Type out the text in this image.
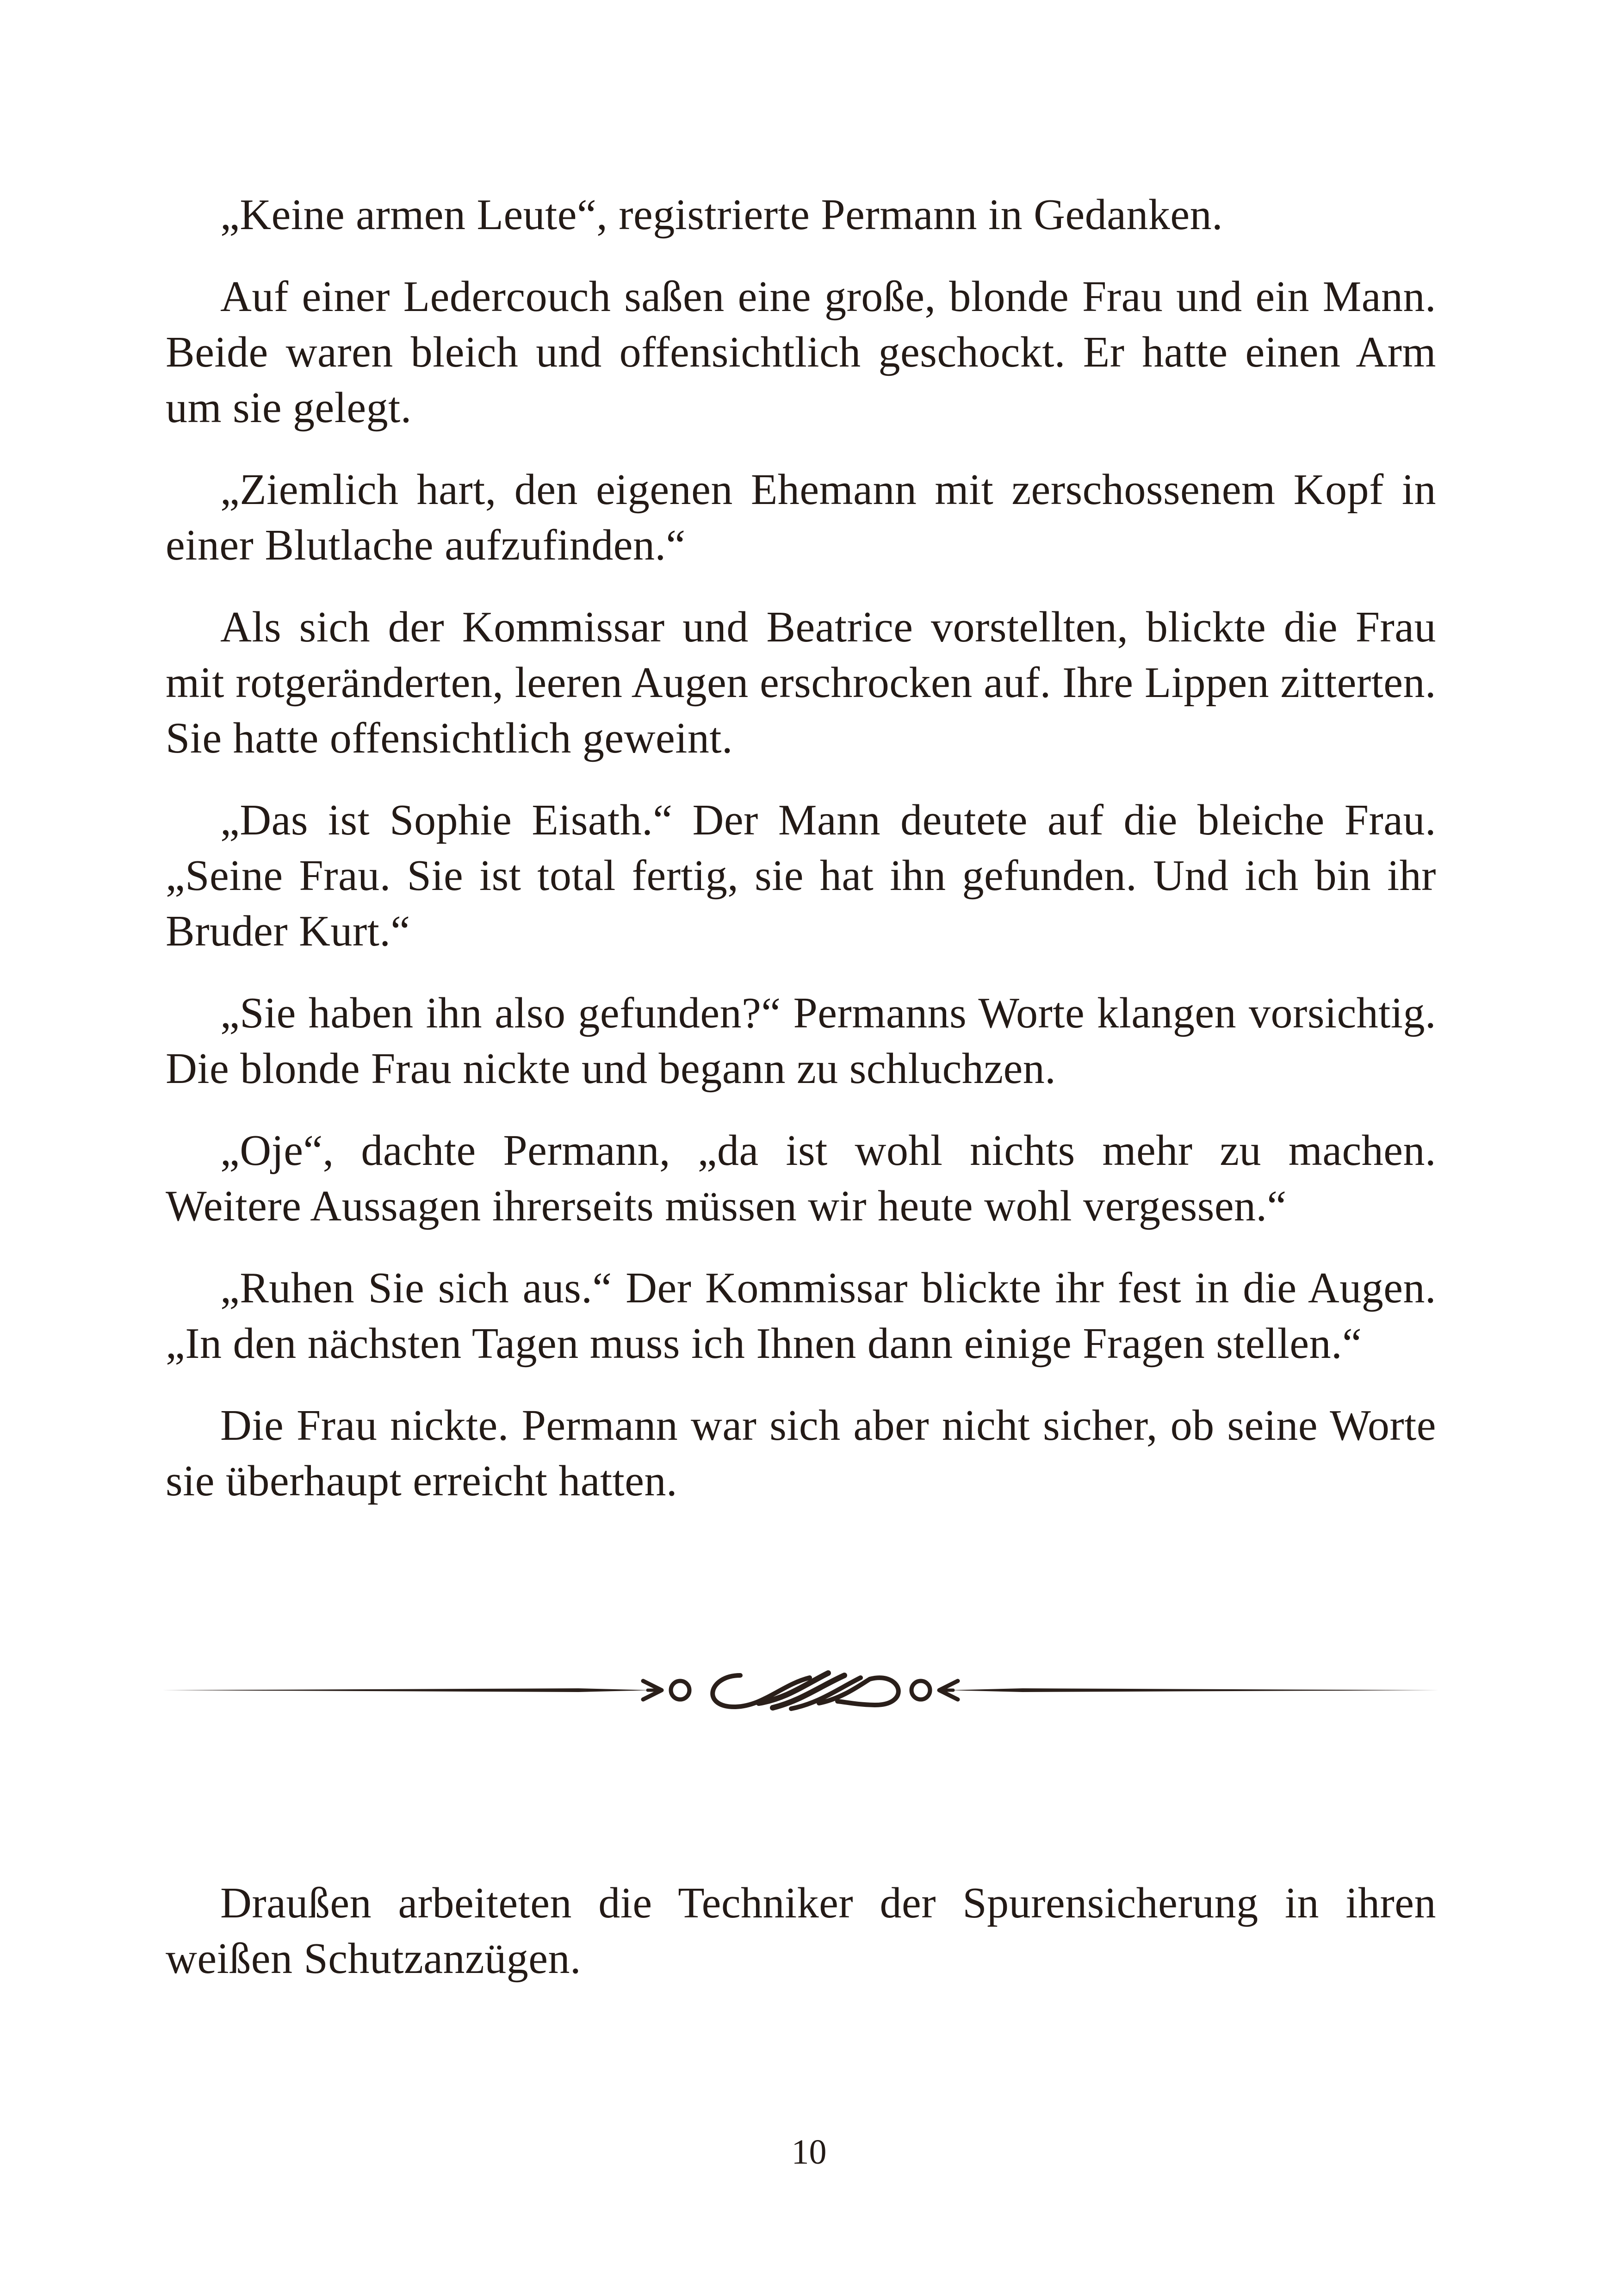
„Keine armen Leute“, registrierte Permann in Gedanken.

Auf einer Ledercouch saßen eine große, blonde Frau und ein Mann. Beide waren bleich und offensichtlich geschockt. Er hatte einen Arm um sie gelegt.

„Ziemlich hart, den eigenen Ehemann mit zerschossenem Kopf in einer Blutlache aufzufinden.“

Als sich der Kommissar und Beatrice vorstellten, blickte die Frau mit rotgeränderten, leeren Augen erschrocken auf. Ihre Lippen zitterten. Sie hatte offensichtlich geweint.

„Das ist Sophie Eisath.“ Der Mann deutete auf die bleiche Frau. „Seine Frau. Sie ist total fertig, sie hat ihn gefunden. Und ich bin ihr Bruder Kurt.“

„Sie haben ihn also gefunden?“ Permanns Worte klangen vorsichtig. Die blonde Frau nickte und begann zu schluchzen.

„Oje“, dachte Permann, „da ist wohl nichts mehr zu machen. Weitere Aussagen ihrerseits müssen wir heute wohl vergessen.“

„Ruhen Sie sich aus.“ Der Kommissar blickte ihr fest in die Augen. „In den nächsten Tagen muss ich Ihnen dann einige Fragen stellen.“

Die Frau nickte. Permann war sich aber nicht sicher, ob seine Worte sie überhaupt erreicht hatten.

Draußen arbeiteten die Techniker der Spurensicherung in ihren weißen Schutzanzügen.

10
